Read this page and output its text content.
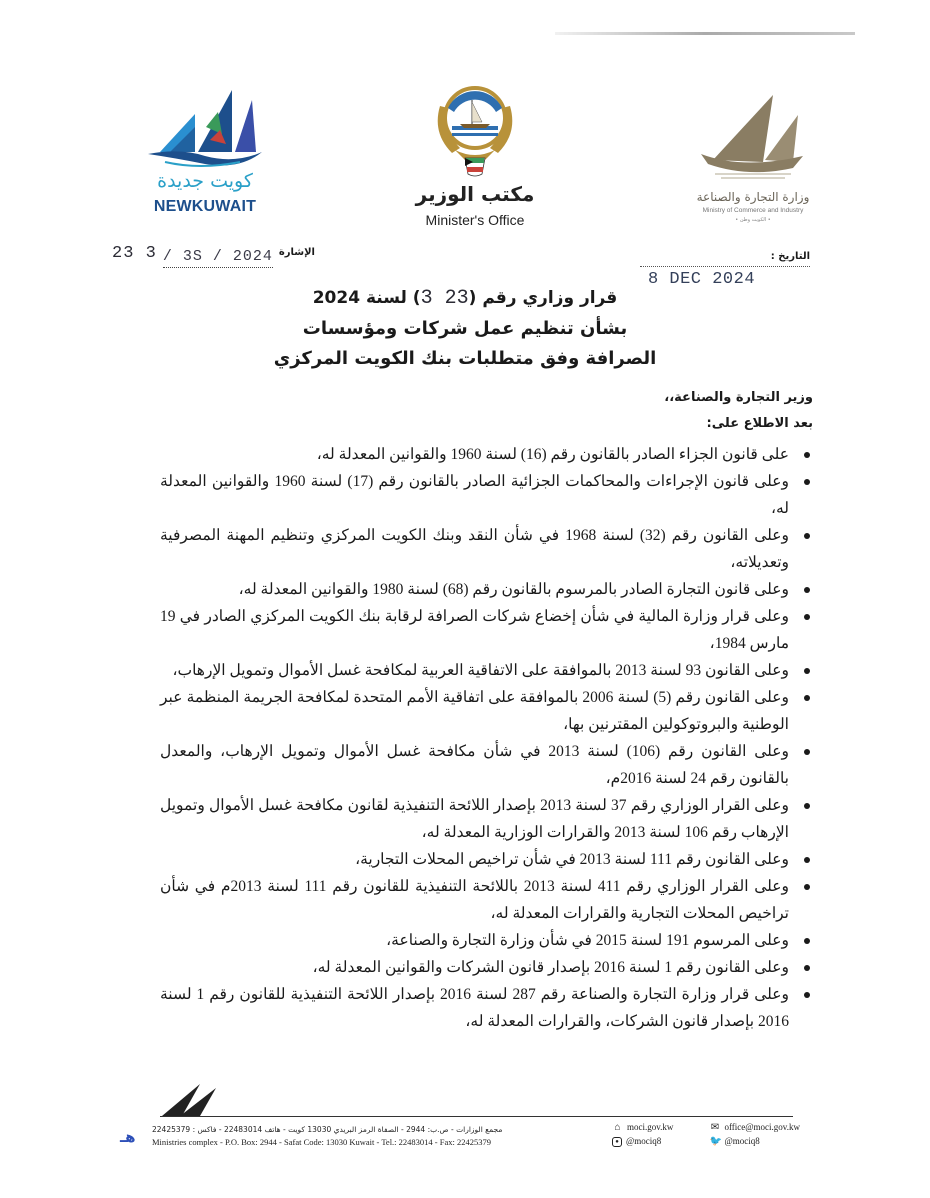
كويت جديدة
NEWKUWAIT
مكتب الوزير
Minister's Office
وزارة التجارة والصناعة
Ministry of Commerce and Industry
• الكويت وطن •
23 3 / 3S / 2024 الإشارة	التاريخ :
8 DEC 2024
قرار وزاري رقم (23 3) لسنة 2024
بشأن تنظيم عمل شركات ومؤسسات
الصرافة وفق متطلبات بنك الكويت المركزي
وزير التجارة والصناعة،،
بعد الاطلاع على:
على قانون الجزاء الصادر بالقانون رقم (16) لسنة 1960 والقوانين المعدلة له،
وعلى قانون الإجراءات والمحاكمات الجزائية الصادر بالقانون رقم (17) لسنة 1960 والقوانين المعدلة له،
وعلى القانون رقم (32) لسنة 1968 في شأن النقد وبنك الكويت المركزي وتنظيم المهنة المصرفية وتعديلاته،
وعلى قانون التجارة الصادر بالمرسوم بالقانون رقم (68) لسنة 1980 والقوانين المعدلة له،
وعلى قرار وزارة المالية في شأن إخضاع شركات الصرافة لرقابة بنك الكويت المركزي الصادر في 19 مارس 1984،
وعلى القانون 93 لسنة 2013 بالموافقة على الاتفاقية العربية لمكافحة غسل الأموال وتمويل الإرهاب،
وعلى القانون رقم (5) لسنة 2006 بالموافقة على اتفاقية الأمم المتحدة لمكافحة الجريمة المنظمة عبر الوطنية والبروتوكولين المقترنين بها،
وعلى القانون رقم (106) لسنة 2013 في شأن مكافحة غسل الأموال وتمويل الإرهاب، والمعدل بالقانون رقم 24 لسنة 2016م،
وعلى القرار الوزاري رقم 37 لسنة 2013 بإصدار اللائحة التنفيذية لقانون مكافحة غسل الأموال وتمويل الإرهاب رقم 106 لسنة 2013 والقرارات الوزارية المعدلة له،
وعلى القانون رقم 111 لسنة 2013 في شأن تراخيص المحلات التجارية،
وعلى القرار الوزاري رقم 411 لسنة 2013 باللائحة التنفيذية للقانون رقم 111 لسنة 2013م في شأن تراخيص المحلات التجارية والقرارات المعدلة له،
وعلى المرسوم 191 لسنة 2015 في شأن وزارة التجارة والصناعة،
وعلى القانون رقم 1 لسنة 2016 بإصدار قانون الشركات والقوانين المعدلة له،
وعلى قرار وزارة التجارة والصناعة رقم 287 لسنة 2016 بإصدار اللائحة التنفيذية للقانون رقم 1 لسنة 2016 بإصدار قانون الشركات، والقرارات المعدلة له،
هـ	مجمع الوزارات - ص.ب: 2944 - الصفاة الرمز البريدي 13030 كويت - هاتف 22483014 - فاكس : 22425379
Ministries complex - P.O. Box: 2944 - Safat Code: 13030 Kuwait - Tel.: 22483014 - Fax: 22425379
⌂ moci.gov.kw	✉ office@moci.gov.kw
● @mociq8	🐦 @mociq8
